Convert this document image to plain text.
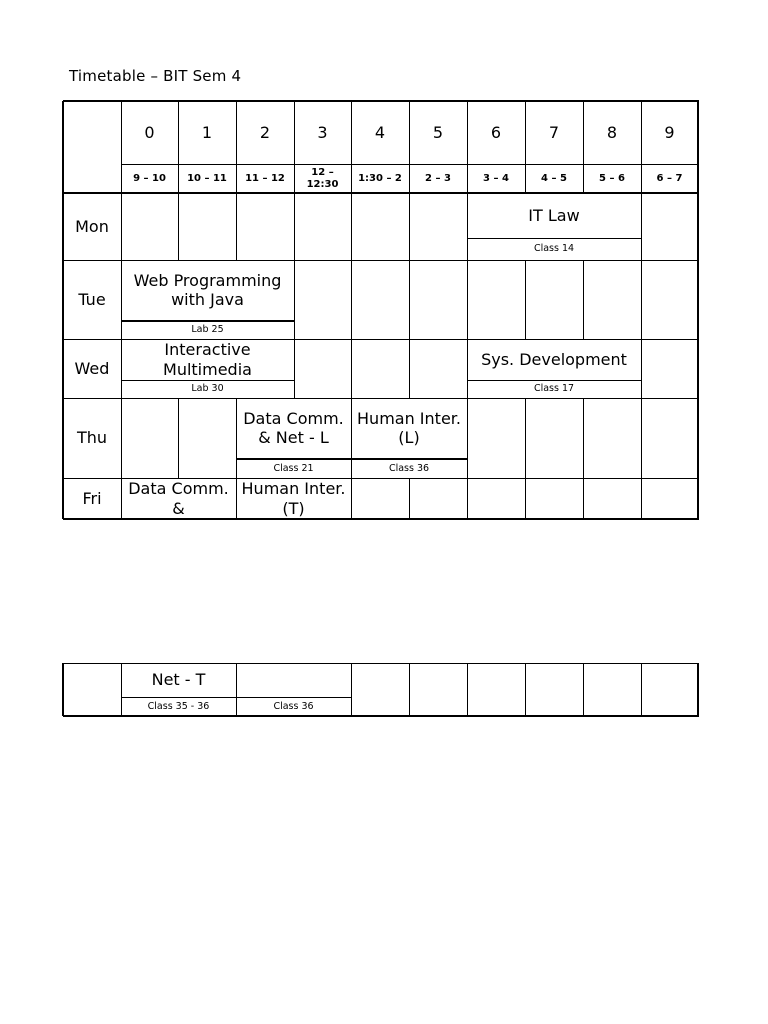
Timetable – BIT Sem 4
0
9 – 10
1
10 – 11
2
11 – 12
3
12 – 12:30
4
1:30 – 2
5
2 – 3
6
3 – 4
7
4 – 5
8
5 – 6
9
6 – 7
Mon
Tue
Wed
Thu
Fri
IT Law
Class 14
Web Programming with Java
Lab 25
Interactive Multimedia
Lab 30
Sys. Development
Class 17
Data Comm. & Net - L
Class 21
Human Inter. (L)
Class 36
Data Comm. &
Human Inter. (T)
Net - T
Class 35 - 36	Class 36
